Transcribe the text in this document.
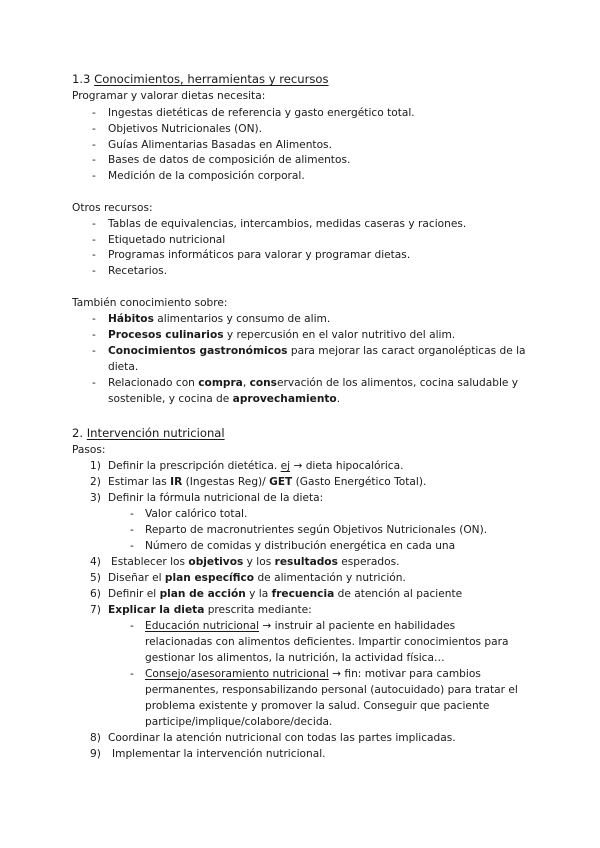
1.3 Conocimientos, herramientas y recursos
Programar y valorar dietas necesita:
- Ingestas dietéticas de referencia y gasto energético total.
- Objetivos Nutricionales (ON).
- Guías Alimentarias Basadas en Alimentos.
- Bases de datos de composición de alimentos.
- Medición de la composición corporal.
Otros recursos:
- Tablas de equivalencias, intercambios, medidas caseras y raciones.
- Etiquetado nutricional
- Programas informáticos para valorar y programar dietas.
- Recetarios.
También conocimiento sobre:
- Hábitos alimentarios y consumo de alim.
- Procesos culinarios y repercusión en el valor nutritivo del alim.
- Conocimientos gastronómicos para mejorar las caract organolépticas de la
dieta.
- Relacionado con compra, conservación de los alimentos, cocina saludable y
sostenible, y cocina de aprovechamiento.
2. Intervención nutricional
Pasos:
1) Definir la prescripción dietética. ej → dieta hipocalórica.
2) Estimar las IR (Ingestas Reg)/ GET (Gasto Energético Total).
3) Definir la fórmula nutricional de la dieta:
- Valor calórico total.
- Reparto de macronutrientes según Objetivos Nutricionales (ON).
- Número de comidas y distribución energética en cada una
4) Establecer los objetivos y los resultados esperados.
5) Diseñar el plan específico de alimentación y nutrición.
6) Definir el plan de acción y la frecuencia de atención al paciente
7) Explicar la dieta prescrita mediante:
- Educación nutricional → instruir al paciente en habilidades
relacionadas con alimentos deficientes. Impartir conocimientos para
gestionar los alimentos, la nutrición, la actividad física…
- Consejo/asesoramiento nutricional → fin: motivar para cambios
permanentes, responsabilizando personal (autocuidado) para tratar el
problema existente y promover la salud. Conseguir que paciente
participe/implique/colabore/decida.
8) Coordinar la atención nutricional con todas las partes implicadas.
9) Implementar la intervención nutricional.
